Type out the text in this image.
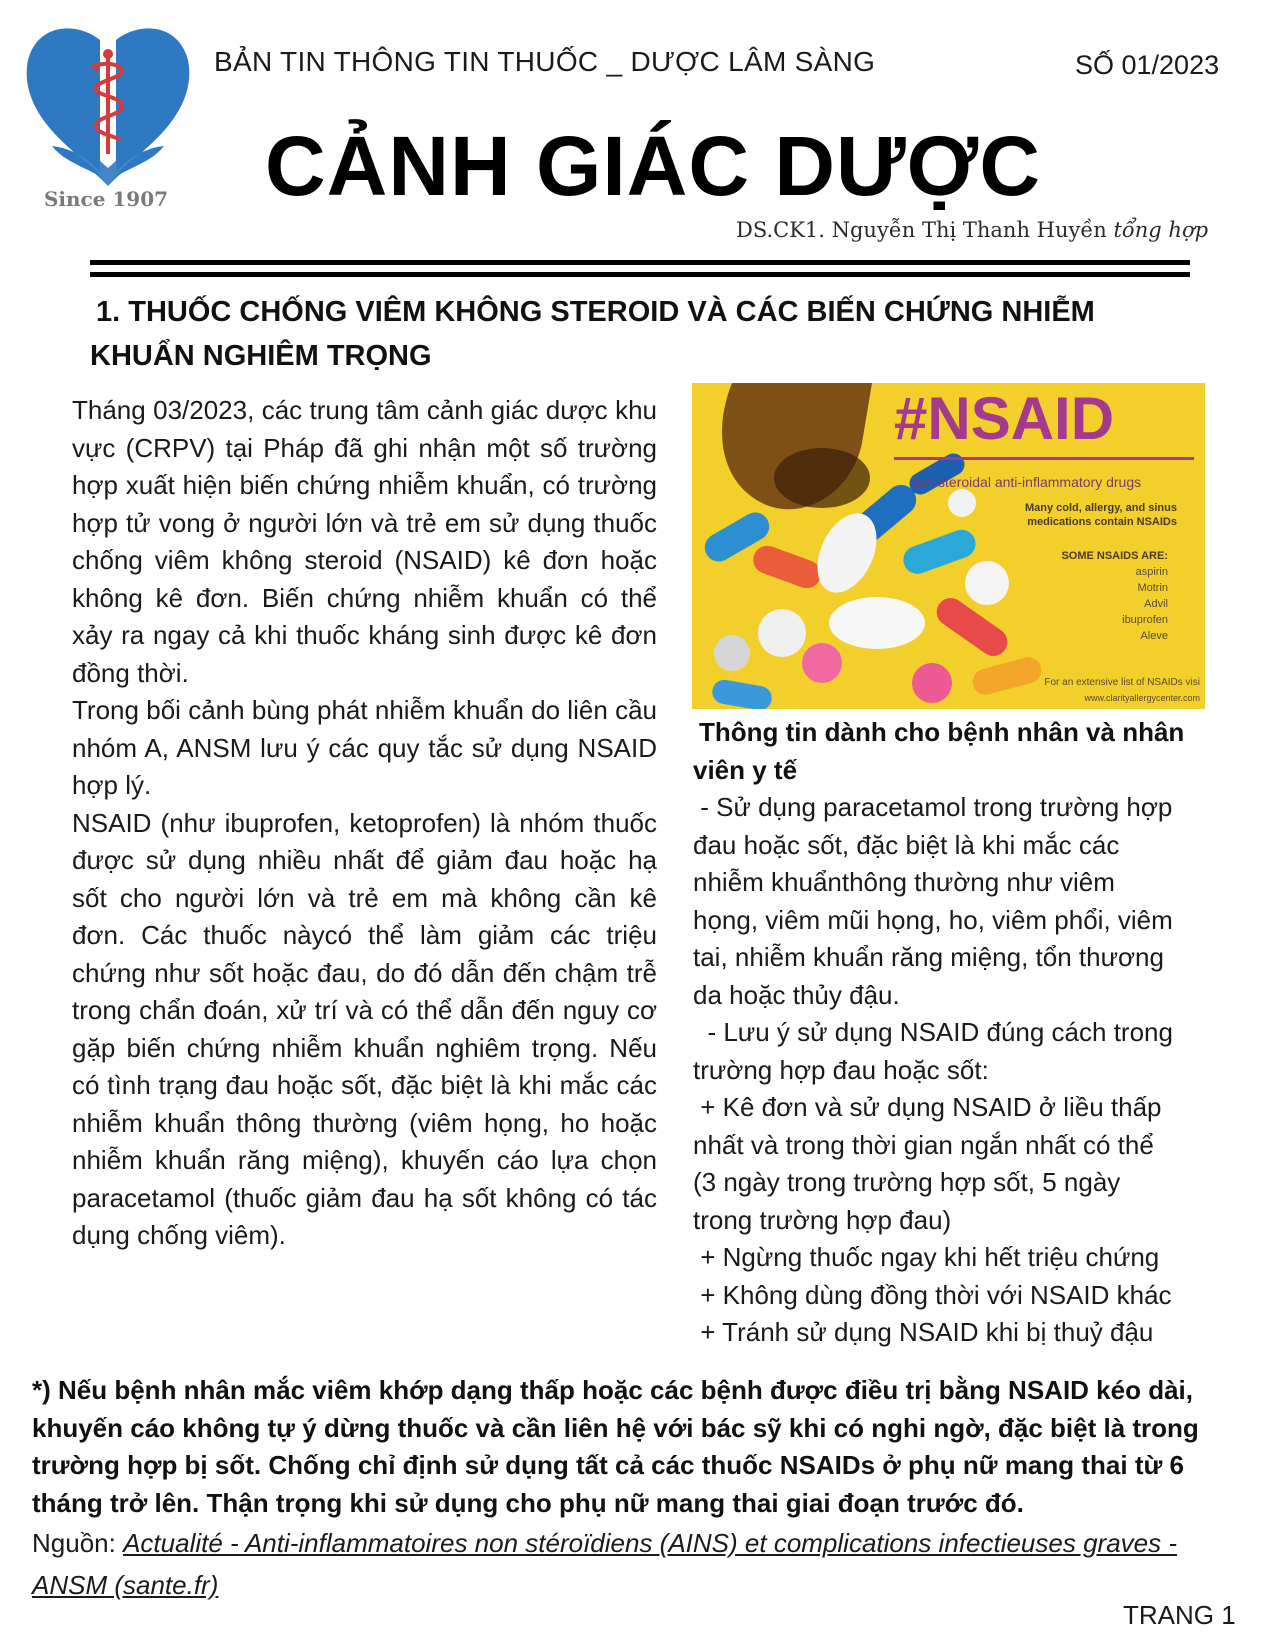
Since 1907
BẢN TIN THÔNG TIN THUỐC _ DƯỢC LÂM SÀNG	SỐ 01/2023
CẢNH GIÁC DƯỢC
DS.CK1. Nguyễn Thị Thanh Huyền tổng hợp
1. THUỐC CHỐNG VIÊM KHÔNG STEROID VÀ CÁC BIẾN CHỨNG NHIỄM
KHUẨN NGHIÊM TRỌNG

Tháng 03/2023, các trung tâm cảnh giác dược khu vực (CRPV) tại Pháp đã ghi nhận một số trường hợp xuất hiện biến chứng nhiễm khuẩn, có trường hợp tử vong ở người lớn và trẻ em sử dụng thuốc chống viêm không steroid (NSAID) kê đơn hoặc không kê đơn. Biến chứng nhiễm khuẩn có thể xảy ra ngay cả khi thuốc kháng sinh được kê đơn đồng thời.

Trong bối cảnh bùng phát nhiễm khuẩn do liên cầu nhóm A, ANSM lưu ý các quy tắc sử dụng NSAID hợp lý.

NSAID (như ibuprofen, ketoprofen) là nhóm thuốc được sử dụng nhiều nhất để giảm đau hoặc hạ sốt cho người lớn và trẻ em mà không cần kê đơn. Các thuốc nàycó thể làm giảm các triệu chứng như sốt hoặc đau, do đó dẫn đến chậm trễ trong chẩn đoán, xử trí và có thể dẫn đến nguy cơ gặp biến chứng nhiễm khuẩn nghiêm trọng. Nếu có tình trạng đau hoặc sốt, đặc biệt là khi mắc các nhiễm khuẩn thông thường (viêm họng, ho hoặc nhiễm khuẩn răng miệng), khuyến cáo lựa chọn paracetamol (thuốc giảm đau hạ sốt không có tác dụng chống viêm).

#NSAID
non-steroidal anti-inflammatory drugs
Many cold, allergy, and sinus
medications contain NSAIDs
SOME NSAIDS ARE:
aspirin
Motrin
Advil
ibuprofen
Aleve
For an extensive list of NSAIDs visi
www.clarityallergycenter.com
Thông tin dành cho bệnh nhân và nhân
viên y tế
- Sử dụng paracetamol trong trường hợp
đau hoặc sốt, đặc biệt là khi mắc các
nhiễm khuẩnthông thường như viêm
họng, viêm mũi họng, ho, viêm phổi, viêm
tai, nhiễm khuẩn răng miệng, tổn thương
da hoặc thủy đậu.
- Lưu ý sử dụng NSAID đúng cách trong
trường hợp đau hoặc sốt:
+ Kê đơn và sử dụng NSAID ở liều thấp
nhất và trong thời gian ngắn nhất có thể
(3 ngày trong trường hợp sốt, 5 ngày
trong trường hợp đau)
+ Ngừng thuốc ngay khi hết triệu chứng
+ Không dùng đồng thời với NSAID khác
+ Tránh sử dụng NSAID khi bị thuỷ đậu
*) Nếu bệnh nhân mắc viêm khớp dạng thấp hoặc các bệnh được điều trị bằng NSAID kéo dài, khuyến cáo không tự ý dừng thuốc và cần liên hệ với bác sỹ khi có nghi ngờ, đặc biệt là trong trường hợp bị sốt. Chống chỉ định sử dụng tất cả các thuốc NSAIDs ở phụ nữ mang thai từ 6 tháng trở lên. Thận trọng khi sử dụng cho phụ nữ mang thai giai đoạn trước đó.
Nguồn: Actualité - Anti-inflammatoires non stéroïdiens (AINS) et complications infectieuses graves - ANSM (sante.fr)
TRANG 1
